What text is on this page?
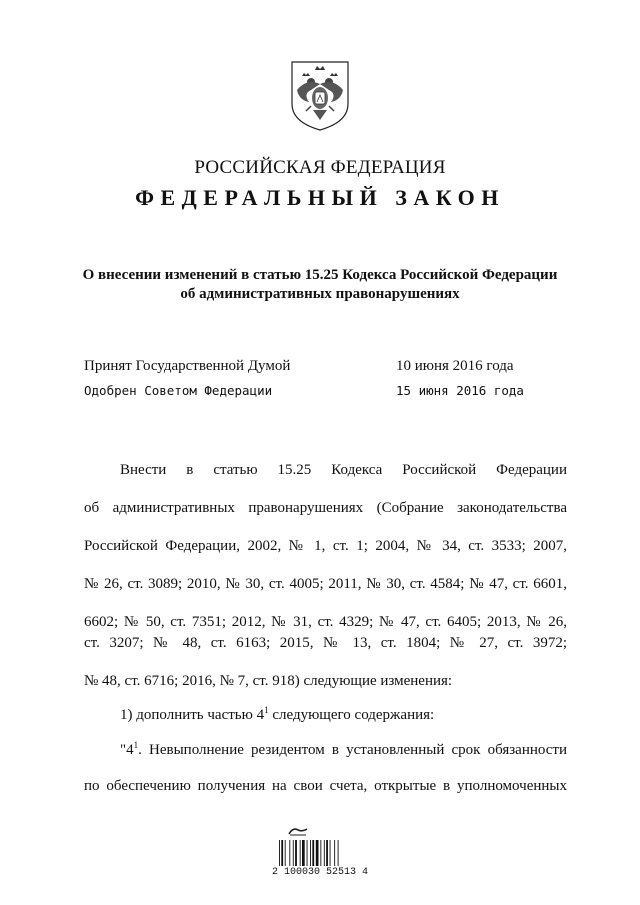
РОССИЙСКАЯ ФЕДЕРАЦИЯ
ФЕДЕРАЛЬНЫЙ ЗАКОН
О внесении изменений в статью 15.25 Кодекса Российской Федерации
об административных правонарушениях
Принят Государственной Думой	10 июня 2016 года
Одобрен Советом Федерации	15 июня 2016 года
Внести в статью 15.25 Кодекса Российской Федерации
об административных правонарушениях (Собрание законодательства
Российской Федерации, 2002, № 1, ст. 1; 2004, № 34, ст. 3533; 2007,
№ 26, ст. 3089; 2010, № 30, ст. 4005; 2011, № 30, ст. 4584; № 47, ст. 6601,
6602; № 50, ст. 7351; 2012, № 31, ст. 4329; № 47, ст. 6405; 2013, № 26,
ст. 3207; № 48, ст. 6163; 2015, № 13, ст. 1804; № 27, ст. 3972;
№ 48, ст. 6716; 2016, № 7, ст. 918) следующие изменения:
1) дополнить частью $4^1$ следующего содержания:
"$4^1$. Невыполнение резидентом в установленный срок обязанности
по обеспечению получения на свои счета, открытые в уполномоченных
2 100030 52513 4
